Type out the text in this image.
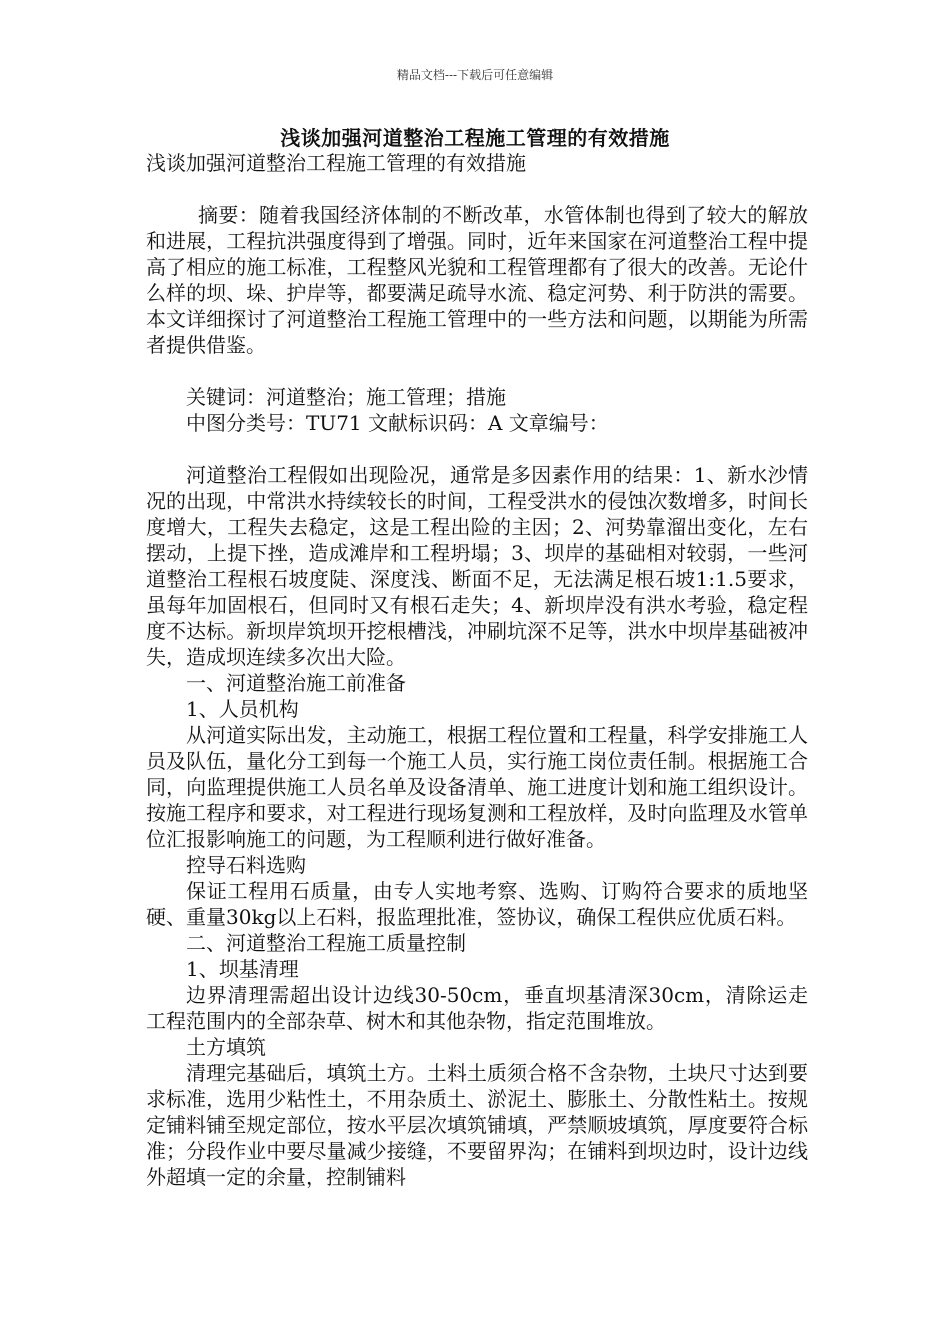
精品文档---下载后可任意编辑
浅谈加强河道整治工程施工管理的有效措施

浅谈加强河道整治工程施工管理的有效措施

摘要：随着我国经济体制的不断改革，水管体制也得到了较大的解放和进展，工程抗洪强度得到了增强。同时，近年来国家在河道整治工程中提高了相应的施工标准，工程整风光貌和工程管理都有了很大的改善。无论什么样的坝、垛、护岸等，都要满足疏导水流、稳定河势、利于防洪的需要。本文详细探讨了河道整治工程施工管理中的一些方法和问题，以期能为所需者提供借鉴。

关键词：河道整治；施工管理；措施

中图分类号：TU71 文献标识码：A 文章编号：

河道整治工程假如出现险况，通常是多因素作用的结果：1、新水沙情况的出现，中常洪水持续较长的时间，工程受洪水的侵蚀次数增多，时间长度增大，工程失去稳定，这是工程出险的主因；2、河势靠溜出变化，左右摆动，上提下挫，造成滩岸和工程坍塌；3、坝岸的基础相对较弱，一些河道整治工程根石坡度陡、深度浅、断面不足，无法满足根石坡1:1.5要求，虽每年加固根石，但同时又有根石走失；4、新坝岸没有洪水考验，稳定程度不达标。新坝岸筑坝开挖根槽浅，冲刷坑深不足等，洪水中坝岸基础被冲失，造成坝连续多次出大险。

一、河道整治施工前准备

1、人员机构

从河道实际出发，主动施工，根据工程位置和工程量，科学安排施工人员及队伍，量化分工到每一个施工人员，实行施工岗位责任制。根据施工合同，向监理提供施工人员名单及设备清单、施工进度计划和施工组织设计。按施工程序和要求，对工程进行现场复测和工程放样，及时向监理及水管单位汇报影响施工的问题，为工程顺利进行做好准备。

控导石料选购

保证工程用石质量，由专人实地考察、选购、订购符合要求的质地坚硬、重量30kg以上石料，报监理批准，签协议，确保工程供应优质石料。

二、河道整治工程施工质量控制

1、坝基清理

边界清理需超出设计边线30-50cm，垂直坝基清深30cm，清除运走工程范围内的全部杂草、树木和其他杂物，指定范围堆放。

土方填筑

清理完基础后，填筑土方。土料土质须合格不含杂物，土块尺寸达到要求标准，选用少粘性土，不用杂质土、淤泥土、膨胀土、分散性粘土。按规定铺料铺至规定部位，按水平层次填筑铺填，严禁顺坡填筑，厚度要符合标准；分段作业中要尽量减少接缝，不要留界沟；在铺料到坝边时，设计边线外超填一定的余量，控制铺料
